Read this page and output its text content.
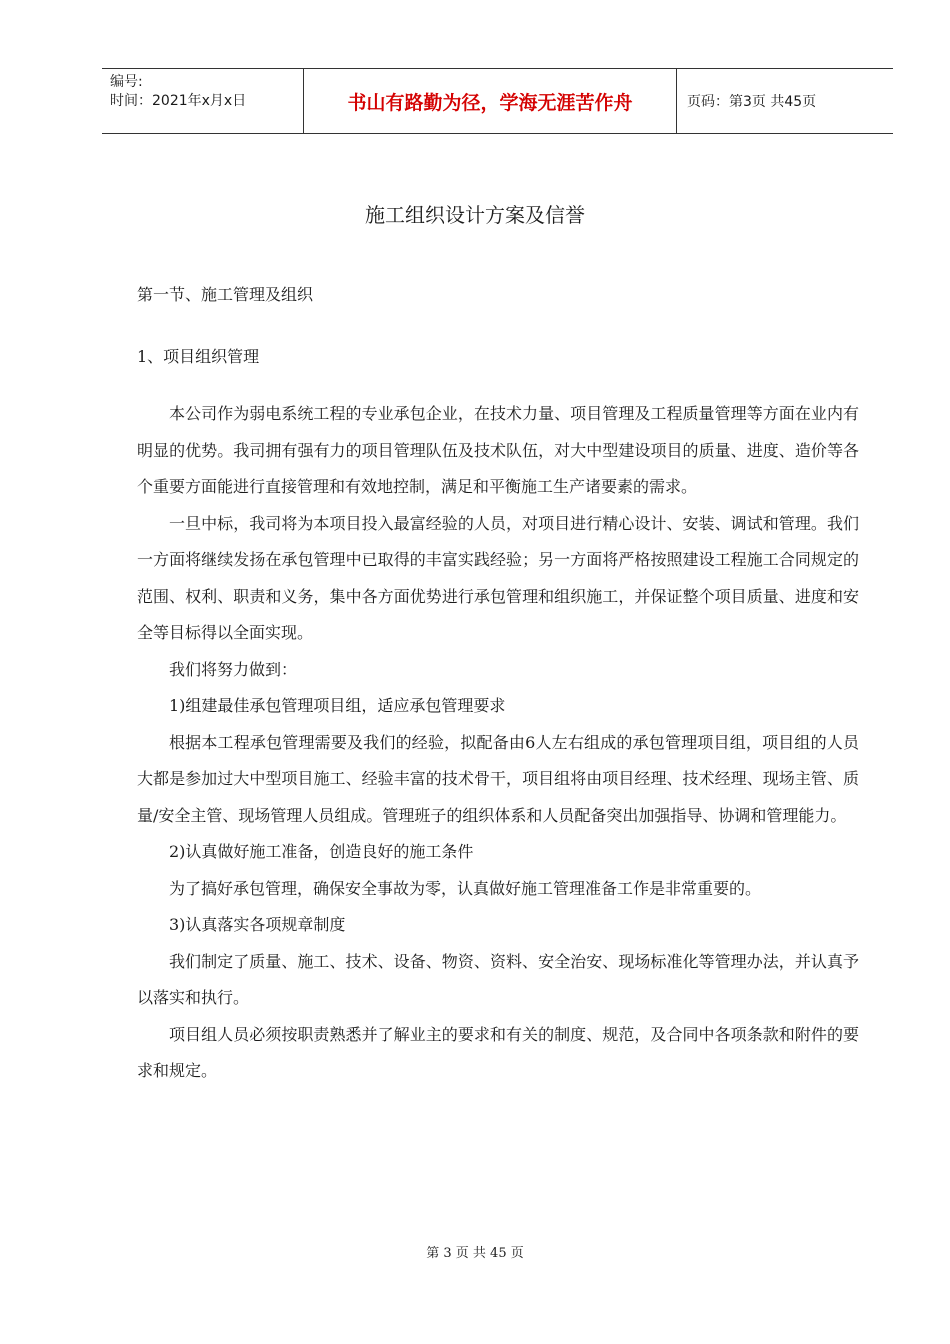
编号:
时间：2021年x月x日	书山有路勤为径，学海无涯苦作舟	页码：第3页 共45页
施工组织设计方案及信誉
第一节、施工管理及组织
1、项目组织管理

本公司作为弱电系统工程的专业承包企业，在技术力量、项目管理及工程质量管理等方面在业内有明显的优势。我司拥有强有力的项目管理队伍及技术队伍，对大中型建设项目的质量、进度、造价等各个重要方面能进行直接管理和有效地控制，满足和平衡施工生产诸要素的需求。

一旦中标，我司将为本项目投入最富经验的人员，对项目进行精心设计、安装、调试和管理。我们一方面将继续发扬在承包管理中已取得的丰富实践经验；另一方面将严格按照建设工程施工合同规定的范围、权利、职责和义务，集中各方面优势进行承包管理和组织施工，并保证整个项目质量、进度和安全等目标得以全面实现。

我们将努力做到：

1)组建最佳承包管理项目组，适应承包管理要求

根据本工程承包管理需要及我们的经验，拟配备由6人左右组成的承包管理项目组，项目组的人员大都是参加过大中型项目施工、经验丰富的技术骨干，项目组将由项目经理、技术经理、现场主管、质量/安全主管、现场管理人员组成。管理班子的组织体系和人员配备突出加强指导、协调和管理能力。

2)认真做好施工准备，创造良好的施工条件

为了搞好承包管理，确保安全事故为零，认真做好施工管理准备工作是非常重要的。

3)认真落实各项规章制度

我们制定了质量、施工、技术、设备、物资、资料、安全治安、现场标准化等管理办法，并认真予以落实和执行。

项目组人员必须按职责熟悉并了解业主的要求和有关的制度、规范，及合同中各项条款和附件的要求和规定。

第 3 页 共 45 页
